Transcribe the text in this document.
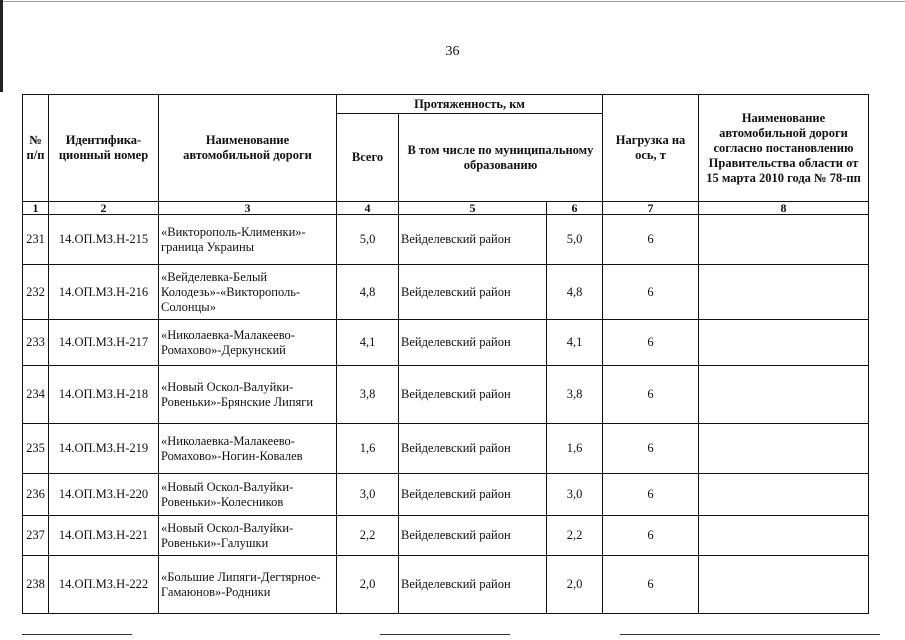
36
№ п/п	Идентифика-ционный номер	Наименование автомобильной дороги	Протяженность, км			Нагрузка на ось, т	Наименование автомобильной дороги согласно постановлению Правительства области от 15 марта 2010 года № 78-пп
			Всего	В том числе по муниципальному образованию			
1	2	3	4	5	6	7	8
231	14.ОП.МЗ.Н-215	«Викторополь-Клименки»-граница Украины	5,0	Вейделевский район	5,0	6	
232	14.ОП.МЗ.Н-216	«Вейделевка-Белый Колодезь»-«Викторополь-Солонцы»	4,8	Вейделевский район	4,8	6	
233	14.ОП.МЗ.Н-217	«Николаевка-Малакеево-Ромахово»-Деркунский	4,1	Вейделевский район	4,1	6	
234	14.ОП.МЗ.Н-218	«Новый Оскол-Валуйки-Ровеньки»-Брянские Липяги	3,8	Вейделевский район	3,8	6	
235	14.ОП.МЗ.Н-219	«Николаевка-Малакеево-Ромахово»-Ногин-Ковалев	1,6	Вейделевский район	1,6	6	
236	14.ОП.МЗ.Н-220	«Новый Оскол-Валуйки-Ровеньки»-Колесников	3,0	Вейделевский район	3,0	6	
237	14.ОП.МЗ.Н-221	«Новый Оскол-Валуйки-Ровеньки»-Галушки	2,2	Вейделевский район	2,2	6	
238	14.ОП.МЗ.Н-222	«Большие Липяги-Дегтярное-Гамаюнов»-Родники	2,0	Вейделевский район	2,0	6	
